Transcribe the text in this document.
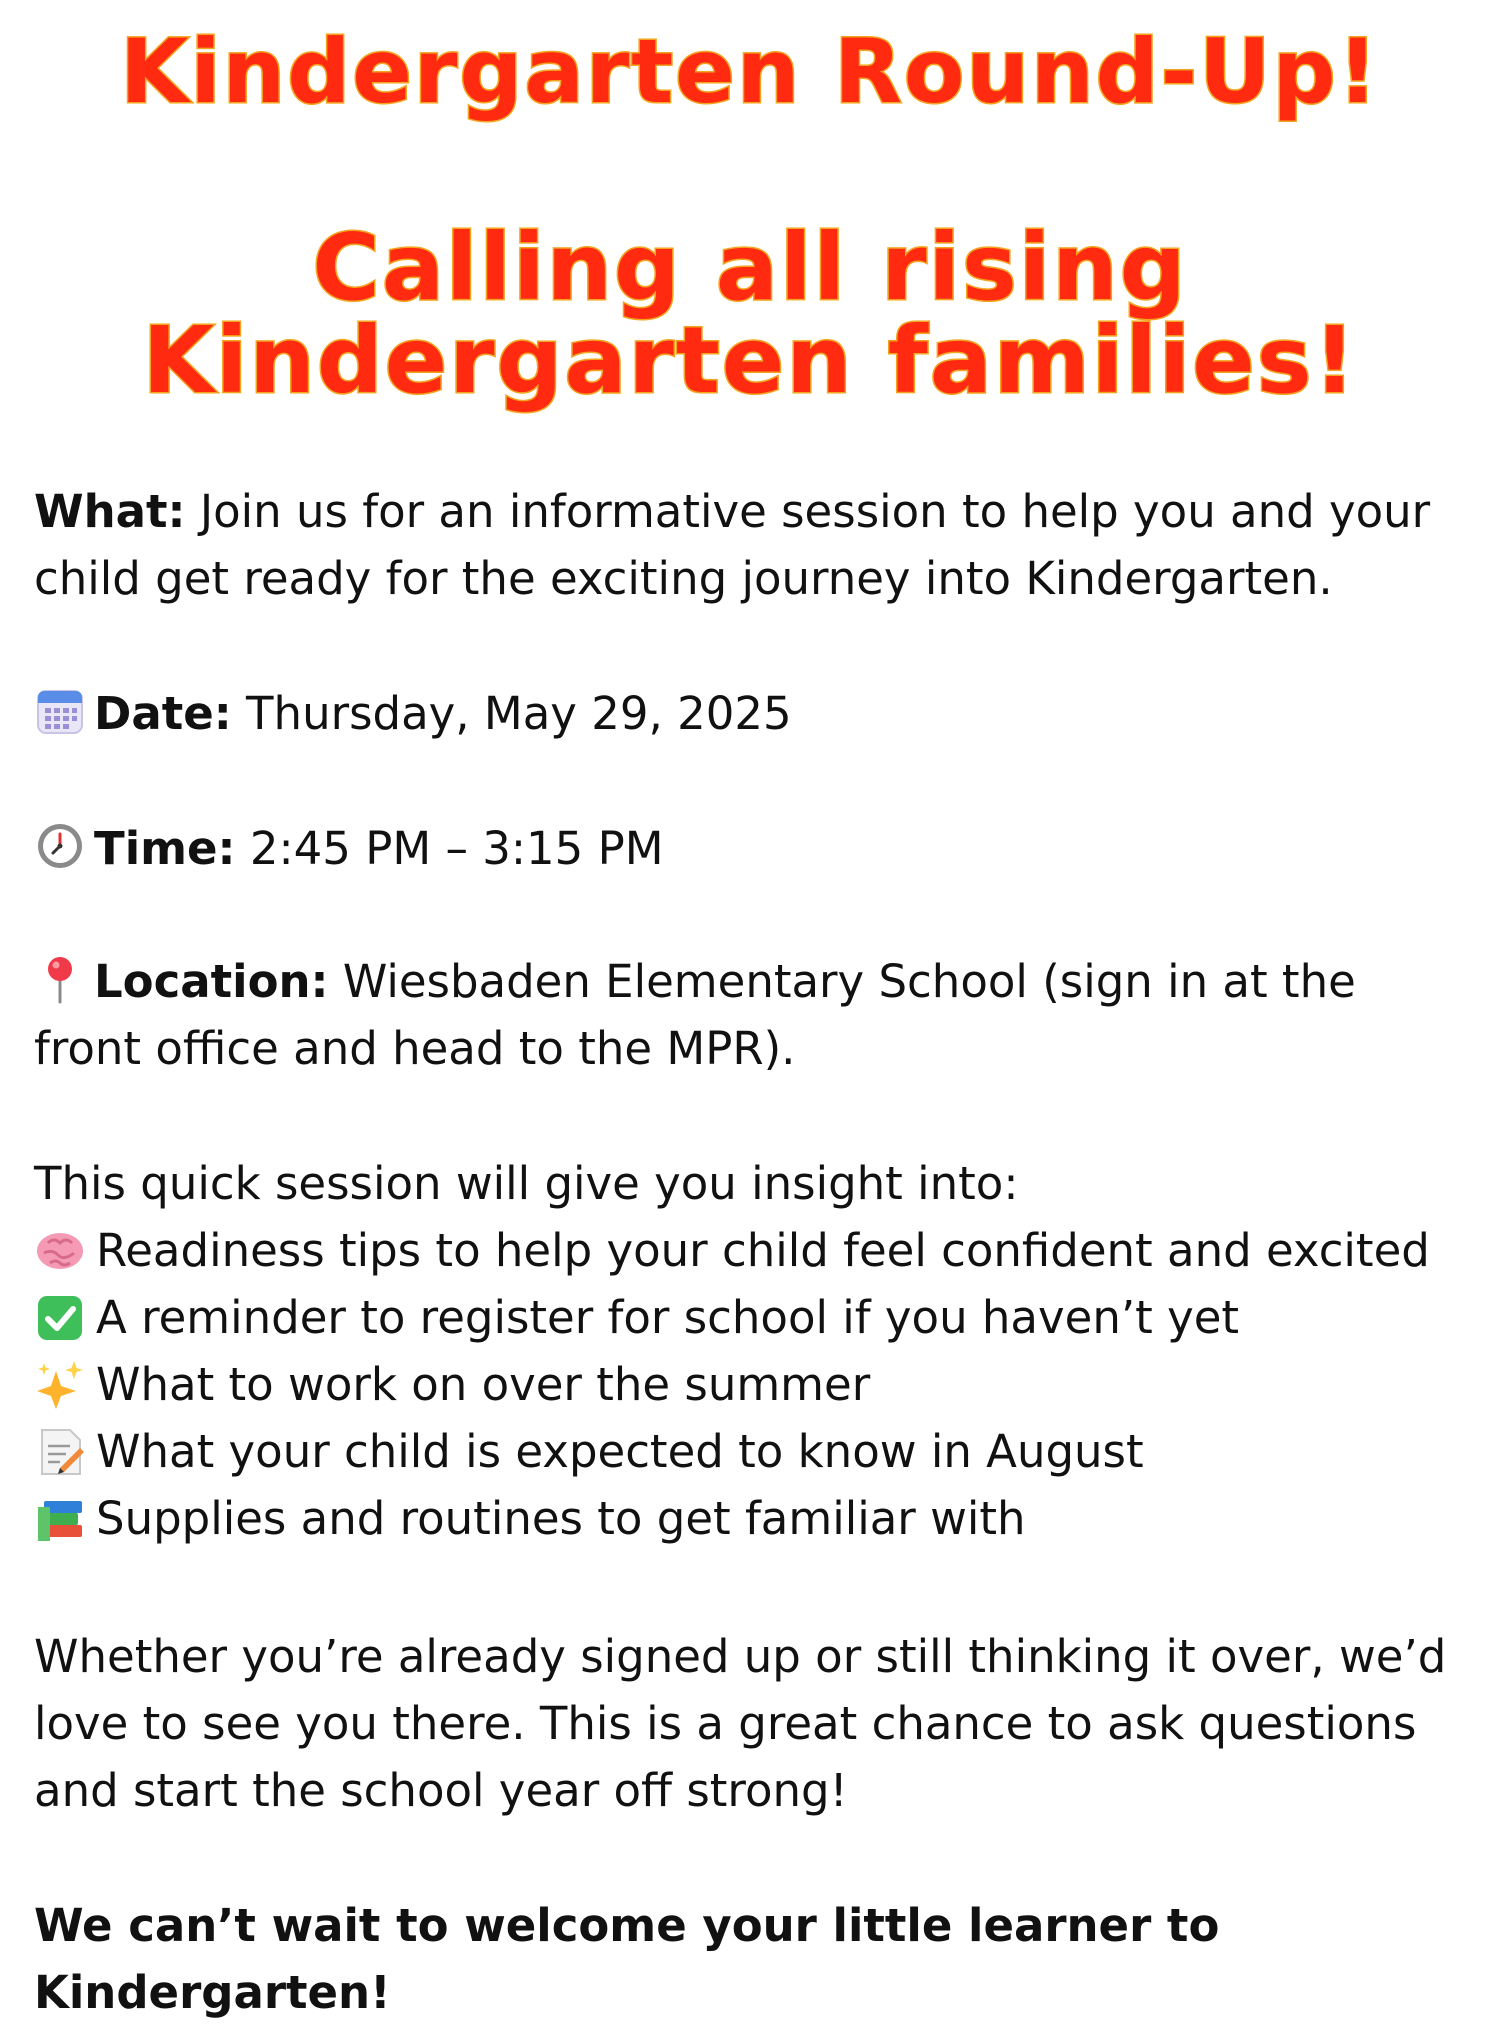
Kindergarten Round-Up!
Calling all rising
Kindergarten families!

What: Join us for an informative session to help you and your child get ready for the exciting journey into Kindergarten.

Date: Thursday, May 29, 2025

Time: 2:45 PM – 3:15 PM

Location: Wiesbaden Elementary School (sign in at the front office and head to the MPR).

This quick session will give you insight into:

Readiness tips to help your child feel confident and excited
A reminder to register for school if you haven’t yet
What to work on over the summer
What your child is expected to know in August
Supplies and routines to get familiar with

Whether you’re already signed up or still thinking it over, we’d love to see you there. This is a great chance to ask questions and start the school year off strong!

We can’t wait to welcome your little learner to Kindergarten!
